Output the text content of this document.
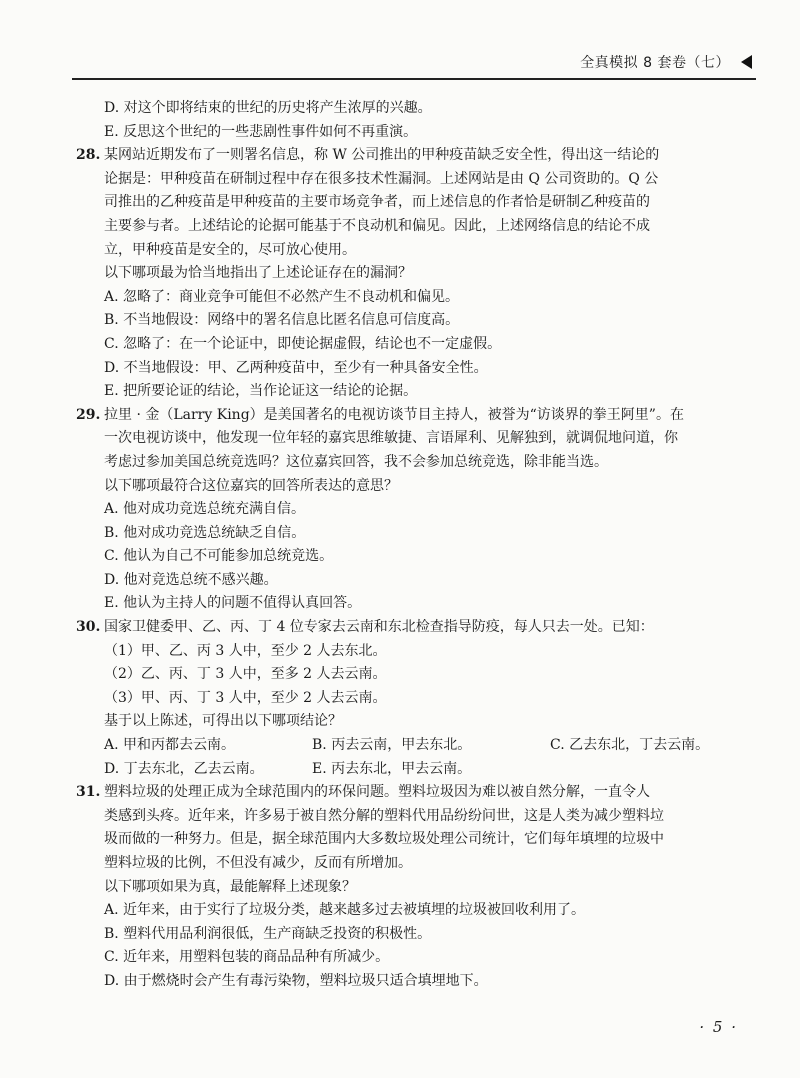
全真模拟 8 套卷（七）
D. 对这个即将结束的世纪的历史将产生浓厚的兴趣。
E. 反思这个世纪的一些悲剧性事件如何不再重演。
28. 某网站近期发布了一则署名信息，称 W 公司推出的甲种疫苗缺乏安全性，得出这一结论的
论据是：甲种疫苗在研制过程中存在很多技术性漏洞。上述网站是由 Q 公司资助的。Q 公
司推出的乙种疫苗是甲种疫苗的主要市场竞争者，而上述信息的作者恰是研制乙种疫苗的
主要参与者。上述结论的论据可能基于不良动机和偏见。因此，上述网络信息的结论不成
立，甲种疫苗是安全的，尽可放心使用。
以下哪项最为恰当地指出了上述论证存在的漏洞？
A. 忽略了：商业竞争可能但不必然产生不良动机和偏见。
B. 不当地假设：网络中的署名信息比匿名信息可信度高。
C. 忽略了：在一个论证中，即使论据虚假，结论也不一定虚假。
D. 不当地假设：甲、乙两种疫苗中，至少有一种具备安全性。
E. 把所要论证的结论，当作论证这一结论的论据。
29. 拉里 · 金（Larry King）是美国著名的电视访谈节目主持人，被誉为“访谈界的拳王阿里”。在
一次电视访谈中，他发现一位年轻的嘉宾思维敏捷、言语犀利、见解独到，就调侃地问道，你
考虑过参加美国总统竞选吗？这位嘉宾回答，我不会参加总统竞选，除非能当选。
以下哪项最符合这位嘉宾的回答所表达的意思？
A. 他对成功竞选总统充满自信。
B. 他对成功竞选总统缺乏自信。
C. 他认为自己不可能参加总统竞选。
D. 他对竞选总统不感兴趣。
E. 他认为主持人的问题不值得认真回答。
30. 国家卫健委甲、乙、丙、丁 4 位专家去云南和东北检查指导防疫，每人只去一处。已知：
（1）甲、乙、丙 3 人中，至少 2 人去东北。
（2）乙、丙、丁 3 人中，至多 2 人去云南。
（3）甲、丙、丁 3 人中，至少 2 人去云南。
基于以上陈述，可得出以下哪项结论？
A. 甲和丙都去云南。	B. 丙去云南，甲去东北。	C. 乙去东北，丁去云南。
D. 丁去东北，乙去云南。	E. 丙去东北，甲去云南。
31. 塑料垃圾的处理正成为全球范围内的环保问题。塑料垃圾因为难以被自然分解，一直令人
类感到头疼。近年来，许多易于被自然分解的塑料代用品纷纷问世，这是人类为减少塑料垃
圾而做的一种努力。但是，据全球范围内大多数垃圾处理公司统计，它们每年填埋的垃圾中
塑料垃圾的比例，不但没有减少，反而有所增加。
以下哪项如果为真，最能解释上述现象？
A. 近年来，由于实行了垃圾分类，越来越多过去被填埋的垃圾被回收利用了。
B. 塑料代用品利润很低，生产商缺乏投资的积极性。
C. 近年来，用塑料包装的商品品种有所减少。
D. 由于燃烧时会产生有毒污染物，塑料垃圾只适合填埋地下。
· 5 ·
